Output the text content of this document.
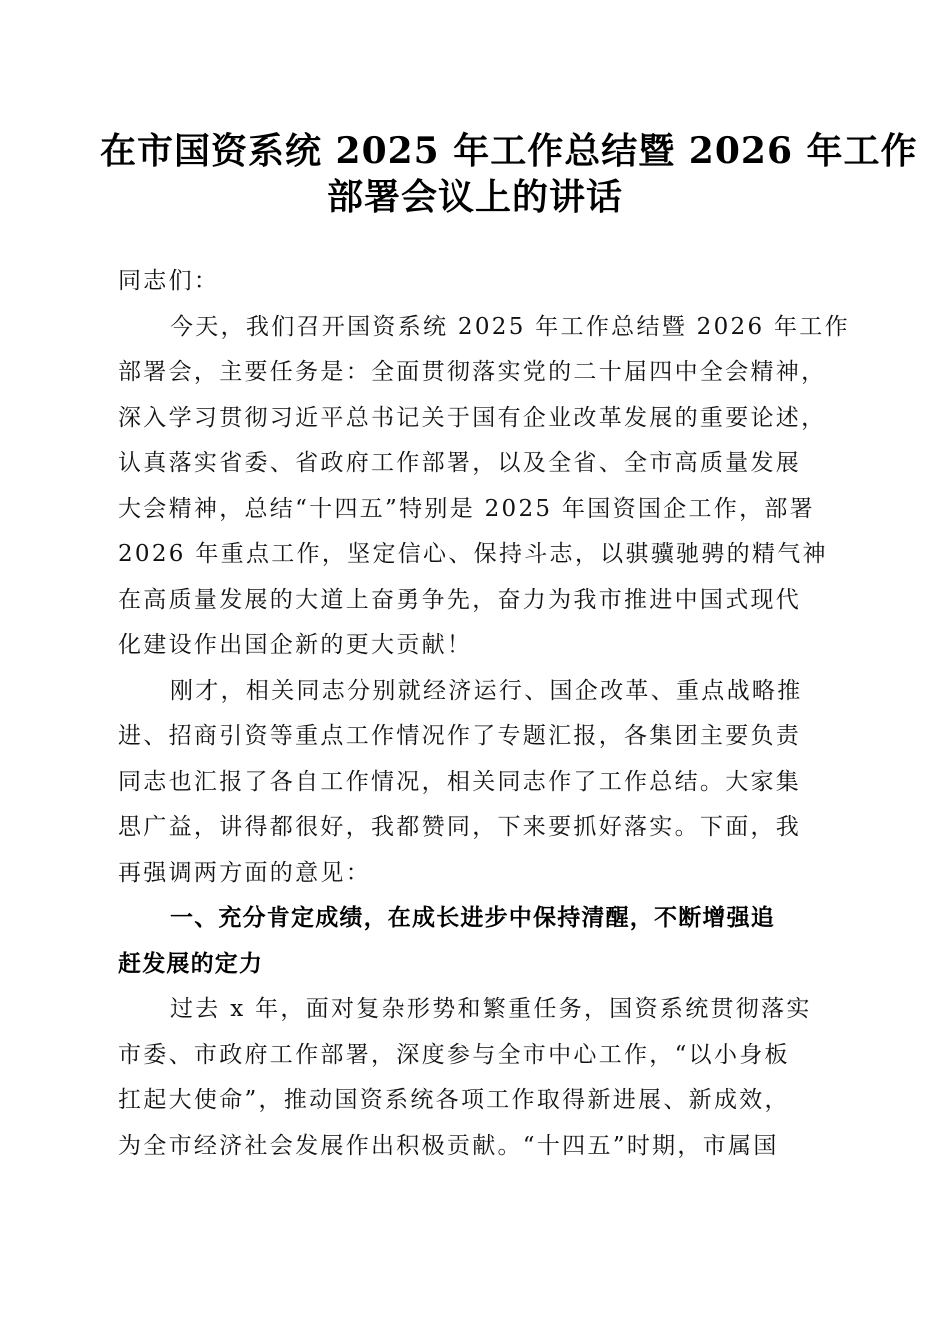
在市国资系统 2025 年工作总结暨 2026 年工作
部署会议上的讲话
同志们：
今天，我们召开国资系统 2025 年工作总结暨 2026 年工作
部署会，主要任务是：全面贯彻落实党的二十届四中全会精神，
深入学习贯彻习近平总书记关于国有企业改革发展的重要论述，
认真落实省委、省政府工作部署，以及全省、全市高质量发展
大会精神，总结“十四五”特别是 2025 年国资国企工作，部署
2026 年重点工作，坚定信心、保持斗志，以骐骥驰骋的精气神
在高质量发展的大道上奋勇争先，奋力为我市推进中国式现代
化建设作出国企新的更大贡献！
刚才，相关同志分别就经济运行、国企改革、重点战略推
进、招商引资等重点工作情况作了专题汇报，各集团主要负责
同志也汇报了各自工作情况，相关同志作了工作总结。大家集
思广益，讲得都很好，我都赞同，下来要抓好落实。下面，我
再强调两方面的意见：
一、充分肯定成绩，在成长进步中保持清醒，不断增强追
赶发展的定力
过去 x 年，面对复杂形势和繁重任务，国资系统贯彻落实
市委、市政府工作部署，深度参与全市中心工作，“以小身板
扛起大使命”，推动国资系统各项工作取得新进展、新成效，
为全市经济社会发展作出积极贡献。“十四五”时期，市属国
